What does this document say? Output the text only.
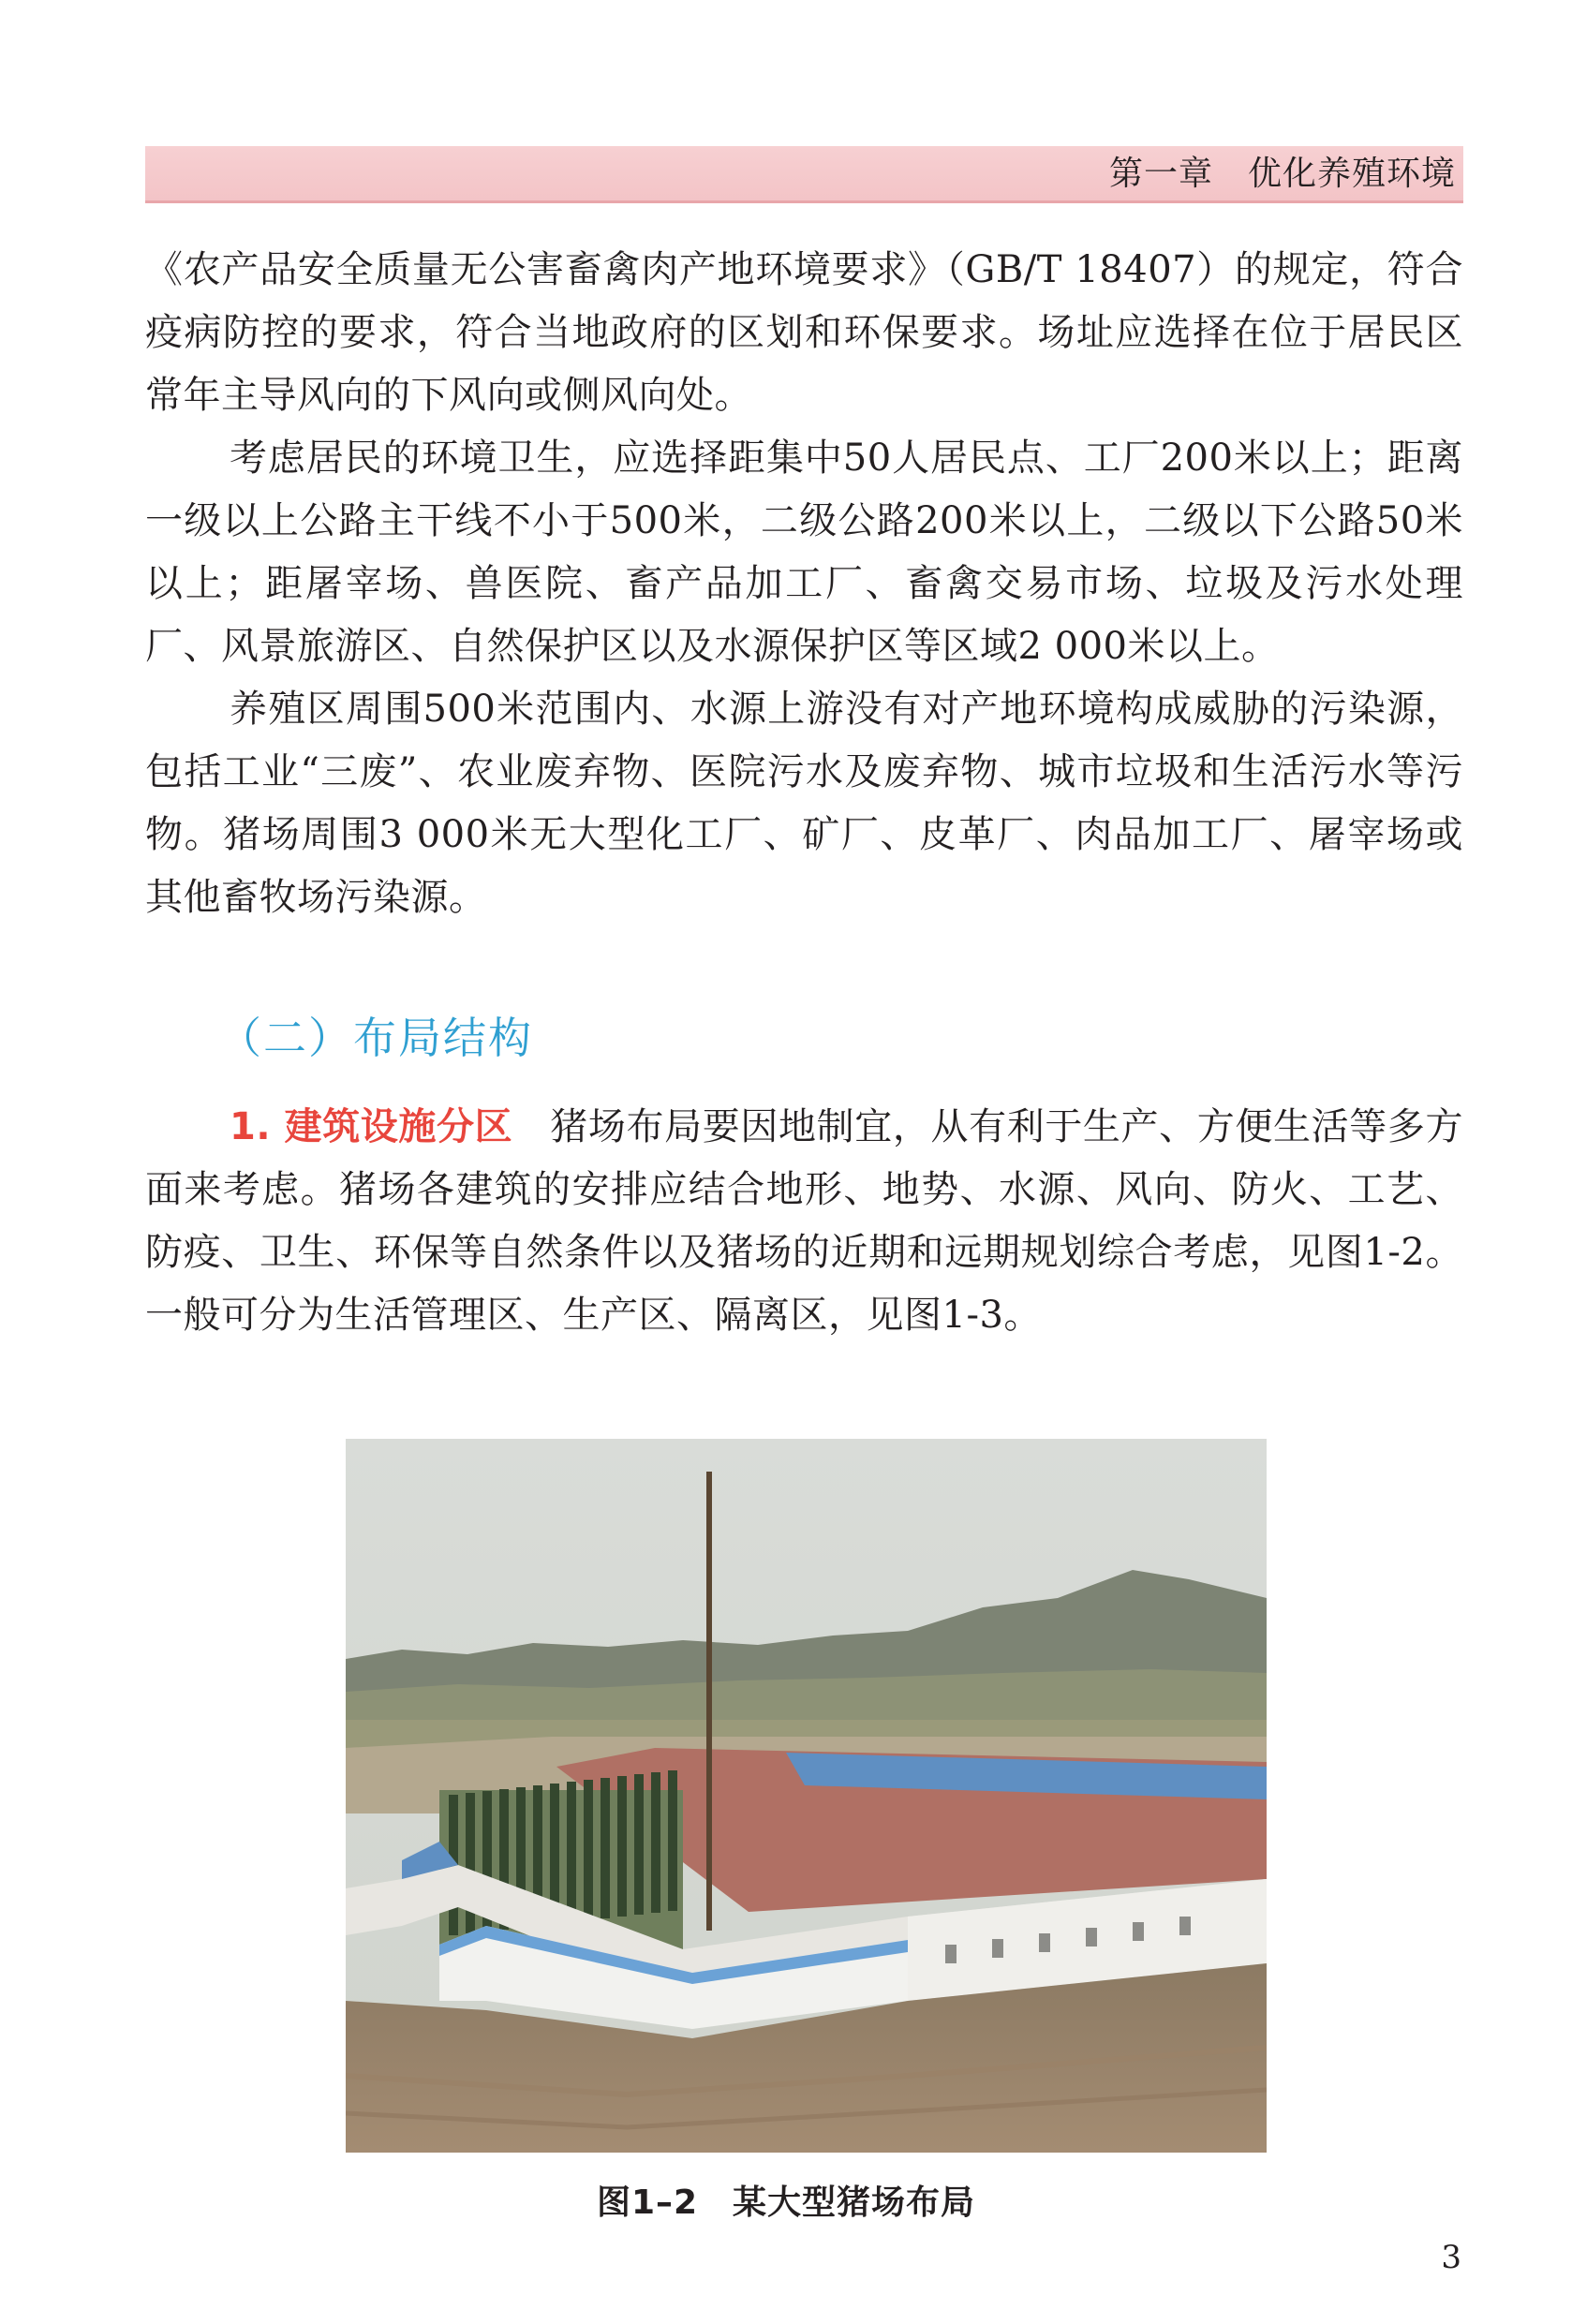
第一章　优化养殖环境

《农产品安全质量无公害畜禽肉产地环境要求》（GB/T 18407）的规定，符合疫病防控的要求，符合当地政府的区划和环保要求。场址应选择在位于居民区常年主导风向的下风向或侧风向处。

考虑居民的环境卫生，应选择距集中50人居民点、工厂200米以上；距离一级以上公路主干线不小于500米，二级公路200米以上，二级以下公路50米以上；距屠宰场、兽医院、畜产品加工厂、畜禽交易市场、垃圾及污水处理厂、风景旅游区、自然保护区以及水源保护区等区域2 000米以上。

养殖区周围500米范围内、水源上游没有对产地环境构成威胁的污染源，包括工业“三废”、农业废弃物、医院污水及废弃物、城市垃圾和生活污水等污物。猪场周围3 000米无大型化工厂、矿厂、皮革厂、肉品加工厂、屠宰场或其他畜牧场污染源。

（二）布局结构

1. 建筑设施分区 猪场布局要因地制宜，从有利于生产、方便生活等多方面来考虑。猪场各建筑的安排应结合地形、地势、水源、风向、防火、工艺、防疫、卫生、环保等自然条件以及猪场的近期和远期规划综合考虑，见图1-2。一般可分为生活管理区、生产区、隔离区，见图1-3。

图1–2　某大型猪场布局
3
